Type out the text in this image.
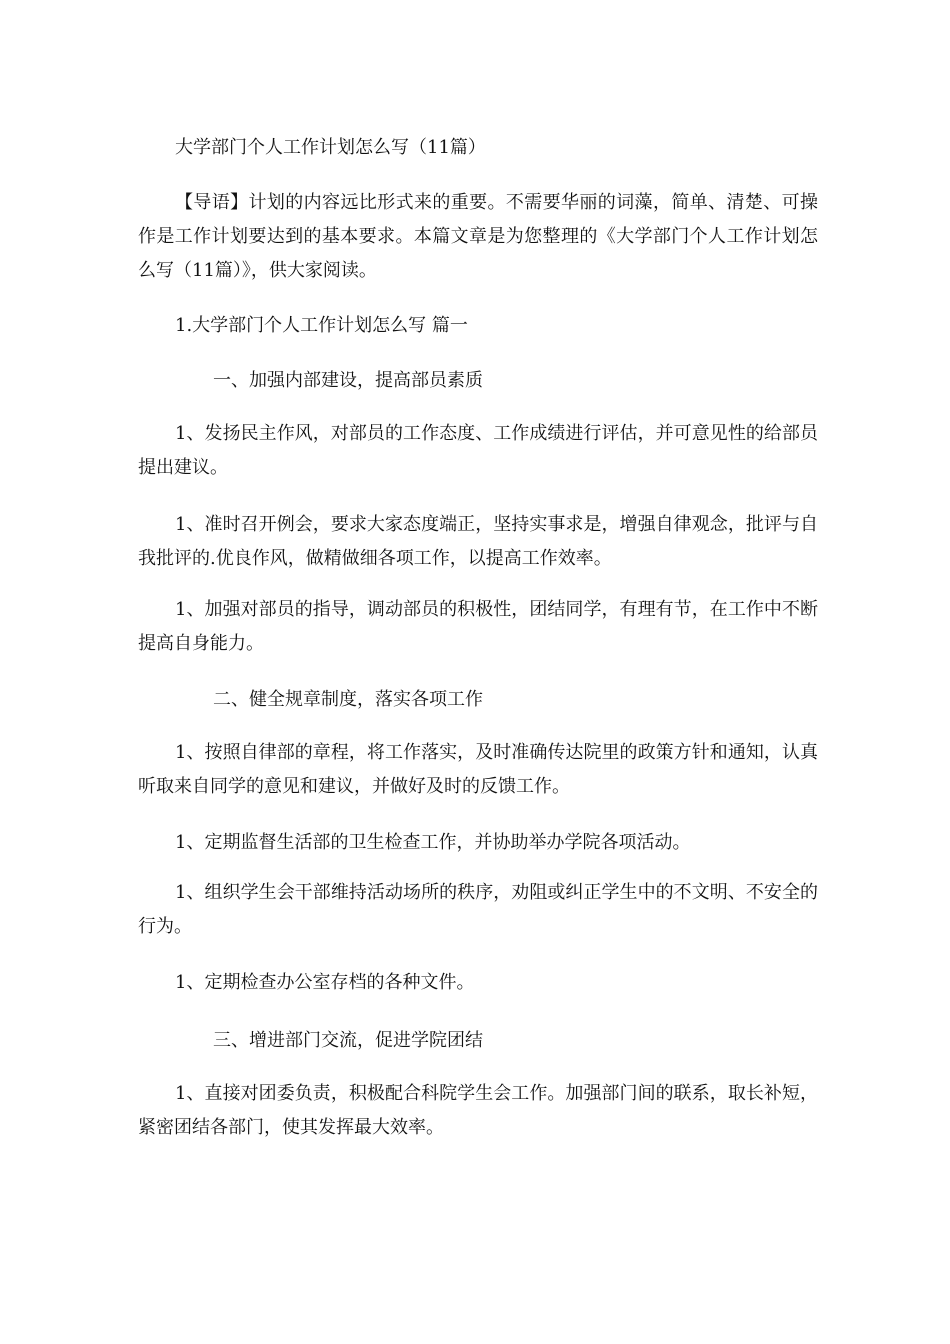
大学部门个人工作计划怎么写（11篇）
【导语】计划的内容远比形式来的重要。不需要华丽的词藻，简单、清楚、可操作是工作计划要达到的基本要求。本篇文章是为您整理的《大学部门个人工作计划怎么写（11篇）》，供大家阅读。
1.大学部门个人工作计划怎么写 篇一
一、加强内部建设，提高部员素质
1、发扬民主作风，对部员的工作态度、工作成绩进行评估，并可意见性的给部员提出建议。
1、准时召开例会，要求大家态度端正，坚持实事求是，增强自律观念，批评与自我批评的.优良作风，做精做细各项工作，以提高工作效率。
1、加强对部员的指导，调动部员的积极性，团结同学，有理有节，在工作中不断提高自身能力。
二、健全规章制度，落实各项工作
1、按照自律部的章程，将工作落实，及时准确传达院里的政策方针和通知，认真听取来自同学的意见和建议，并做好及时的反馈工作。
1、定期监督生活部的卫生检查工作，并协助举办学院各项活动。
1、组织学生会干部维持活动场所的秩序，劝阻或纠正学生中的不文明、不安全的行为。
1、定期检查办公室存档的各种文件。
三、增进部门交流，促进学院团结
1、直接对团委负责，积极配合科院学生会工作。加强部门间的联系，取长补短，紧密团结各部门，使其发挥最大效率。
